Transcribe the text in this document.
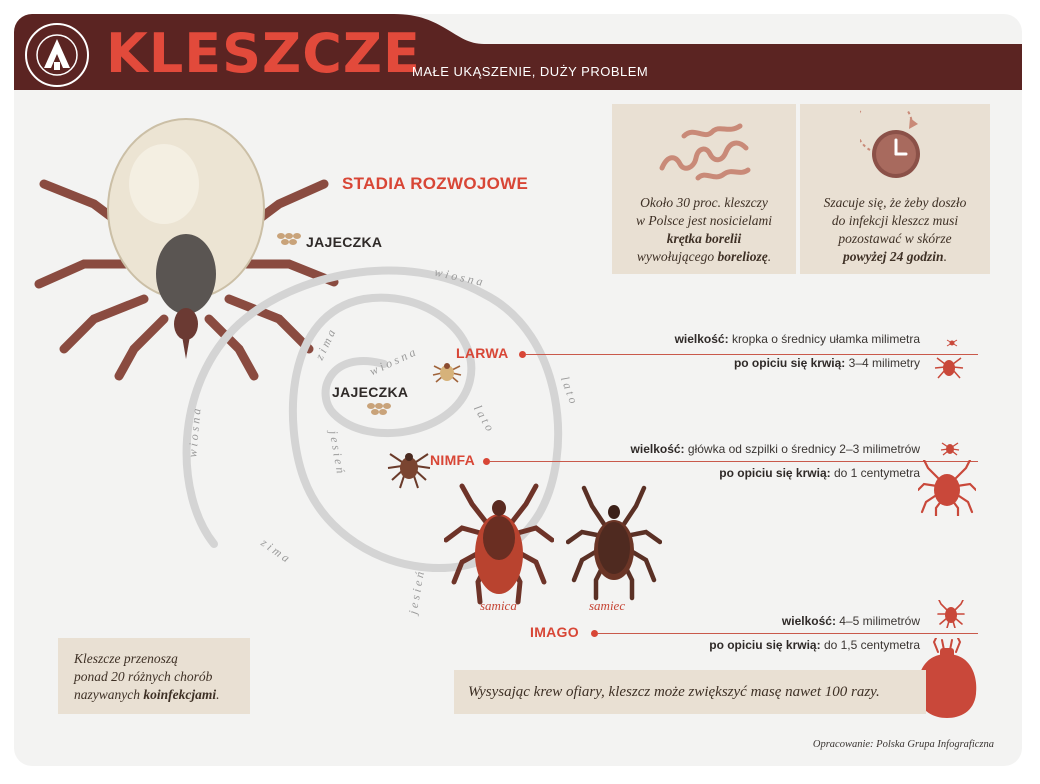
KLESZCZE
MAŁE UKĄSZENIE, DUŻY PROBLEM
STADIA ROZWOJOWE
Około 30 proc. kleszczy
w Polsce jest nosicielami
krętka borelii
wywołującego boreliozę.
Szacuje się, że żeby doszło
do infekcji kleszcz musi
pozostawać w skórze
powyżej 24 godzin.
JAJECZKA
wiosna
wiosna
lato
lato
jesień
jesień
zima
wiosna
zima
JAJECZKA
LARWA
NIMFA
samica	samiec
IMAGO
wielkość: kropka o średnicy ułamka milimetra
po opiciu się krwią: 3–4 milimetry
wielkość: główka od szpilki o średnicy 2–3 milimetrów
po opiciu się krwią: do 1 centymetra
wielkość: 4–5 milimetrów
po opiciu się krwią: do 1,5 centymetra
Wysysając krew ofiary, kleszcz może zwiększyć masę nawet 100 razy.
Kleszcze przenoszą
ponad 20 różnych chorób
nazywanych koinfekcjami.
Opracowanie: Polska Grupa Infograficzna
